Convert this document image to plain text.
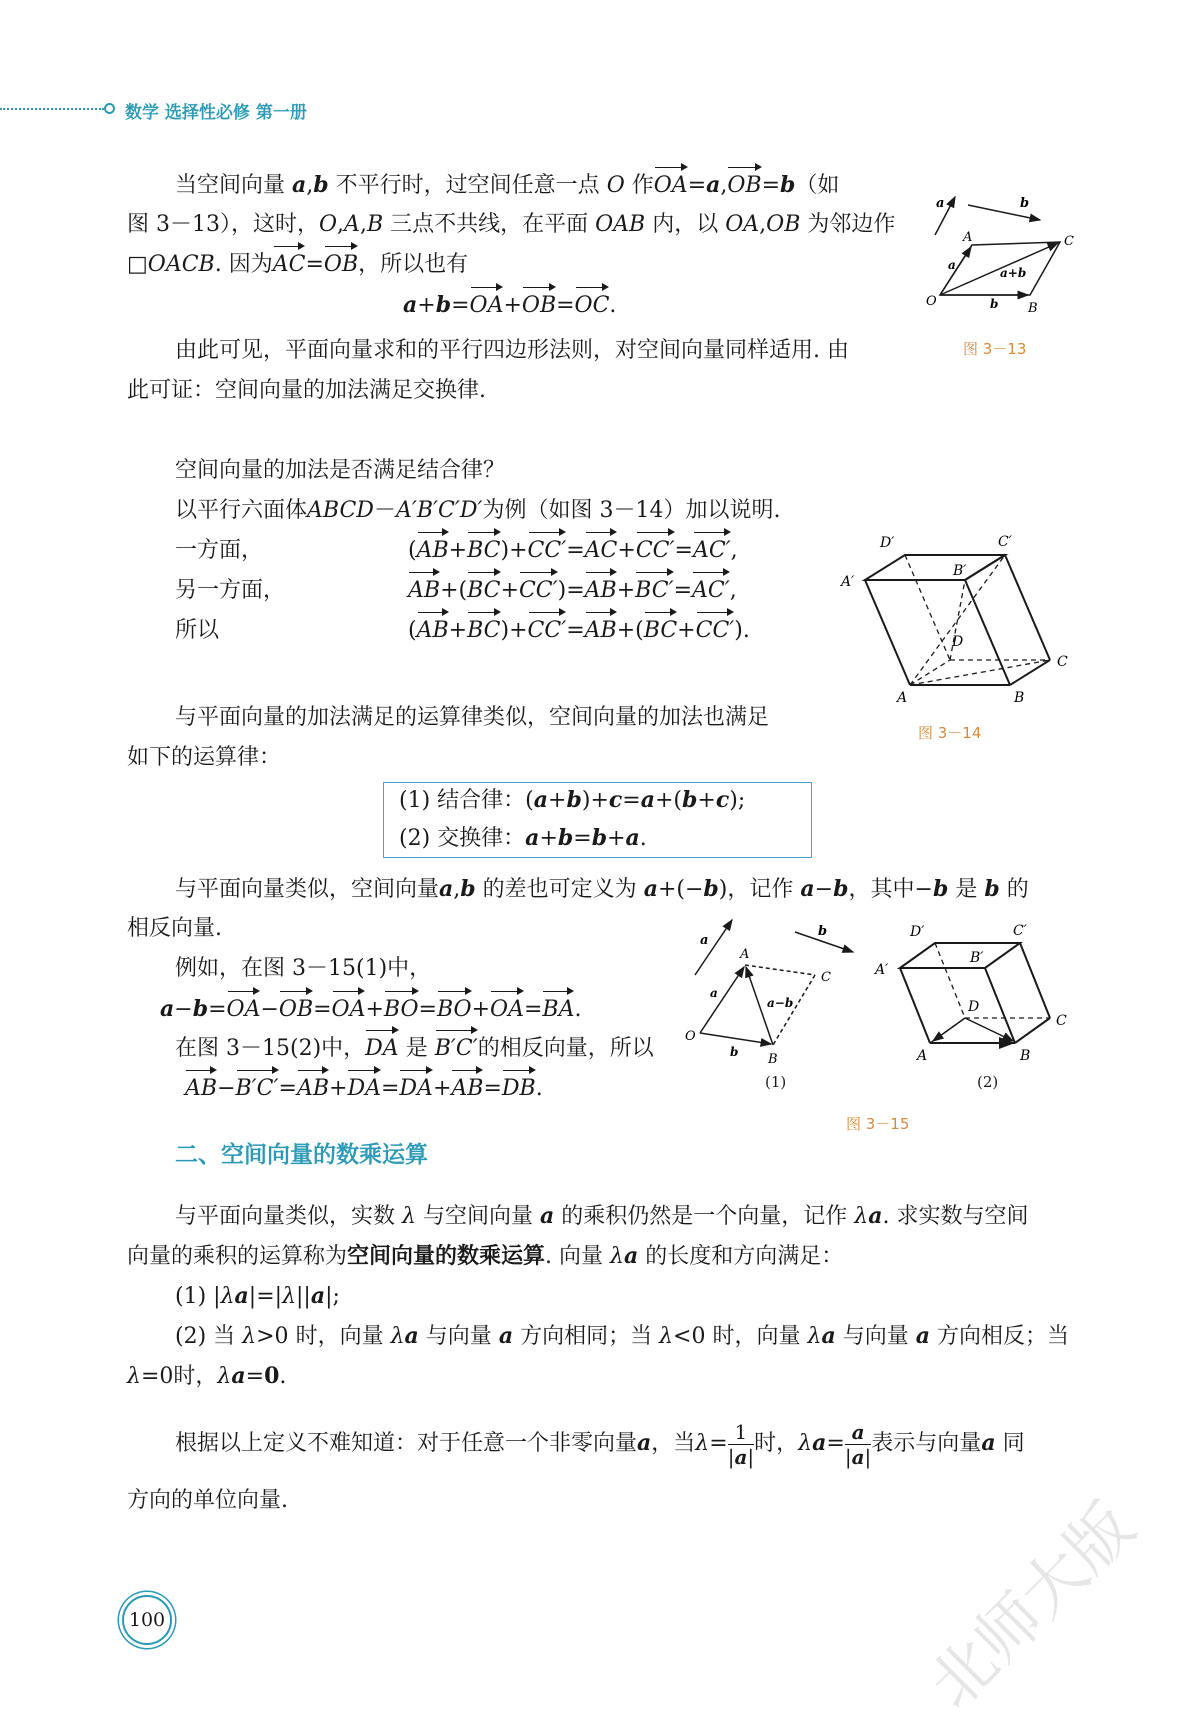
数学 选择性必修 第一册
当空间向量 a,b 不平行时，过空间任意一点 O 作OA=a,OB=b（如
图 3－13），这时，O,A,B 三点不共线，在平面 OAB 内，以 OA,OB 为邻边作
□OACB. 因为AC=OB，所以也有
a+b=OA+OB=OC.
a	b
O
A	C
B
a
b
a+b
图 3－13
由此可见，平面向量求和的平行四边形法则，对空间向量同样适用. 由
此可证：空间向量的加法满足交换律.
空间向量的加法是否满足结合律？
以平行六面体ABCD－A′B′C′D′为例（如图 3－14）加以说明.
一方面，	(AB+BC)+CC′=AC+CC′=AC′,
另一方面，	AB+(BC+CC′)=AB+BC′=AC′,
所以	(AB+BC)+CC′=AB+(BC+CC′).
D′	C′
A′
B′
D
C
A	B
图 3－14
与平面向量的加法满足的运算律类似，空间向量的加法也满足
如下的运算律：
(1) 结合律：(a+b)+c=a+(b+c);
(2) 交换律：a+b=b+a.
与平面向量类似，空间向量a,b 的差也可定义为 a+(−b)，记作 a−b，其中−b 是 b 的
相反向量.
例如，在图 3－15(1)中，
a−b=OA−OB=OA+BO=BO+OA=BA.
在图 3－15(2)中，DA 是 B′C′的相反向量，所以
AB−B′C′=AB+DA=DA+AB=DB.
a
b
A
C
O
B
a
b
a−b
(1)
D′	C′
A′
B′
D
C
A	B
(2)
图 3－15
二、空间向量的数乘运算
与平面向量类似，实数 λ 与空间向量 a 的乘积仍然是一个向量，记作 λa. 求实数与空间
向量的乘积的运算称为空间向量的数乘运算. 向量 λa 的长度和方向满足：
(1) |λa|=|λ||a|;
(2) 当 λ>0 时，向量 λa 与向量 a 方向相同；当 λ<0 时，向量 λa 与向量 a 方向相反；当
λ=0时，λa=0.
根据以上定义不难知道：对于任意一个非零向量a，当$\lambda= \frac{1}{|a|}$ 时，$\lambda a= \frac{a}{|a|}$ 表示与向量a 同
方向的单位向量.
100	北师大版
